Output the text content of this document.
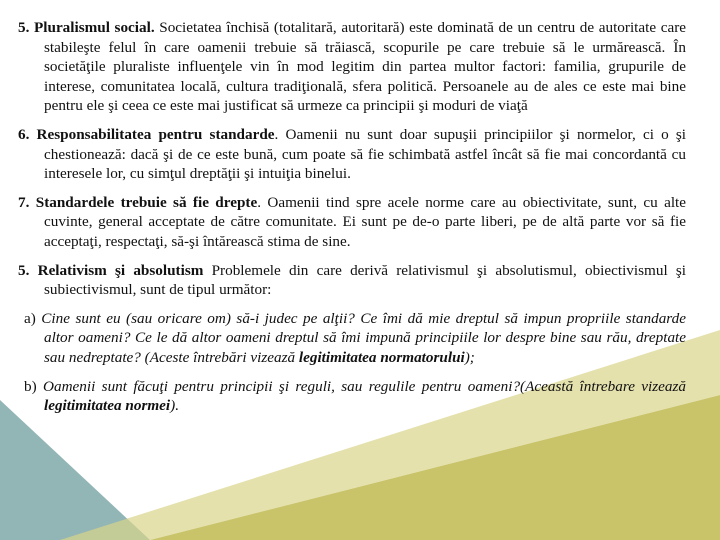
5. Pluralismul social. Societatea închisă (totalitară, autoritară) este dominată de un centru de autoritate care stabileşte felul în care oamenii trebuie să trăiască, scopurile pe care trebuie să le urmărească. În societăţile pluraliste influenţele vin în mod legitim din partea multor factori: familia, grupurile de interese, comunitatea locală, cultura tradiţională, sfera politică. Persoanele au de ales ce este mai bine pentru ele şi ceea ce este mai justificat să urmeze ca principii şi moduri de viaţă

6. Responsabilitatea pentru standarde. Oamenii nu sunt doar supuşii principiilor şi normelor, ci o şi chestionează: dacă şi de ce este bună, cum poate să fie schimbată astfel încât să fie mai concordantă cu interesele lor, cu simţul dreptăţii şi intuiţia binelui.

7. Standardele trebuie să fie drepte. Oamenii tind spre acele norme care au obiectivitate, sunt, cu alte cuvinte, general acceptate de către comunitate. Ei sunt pe de-o parte liberi, pe de altă parte vor să fie acceptaţi, respectaţi, să-şi întărească stima de sine.

5. Relativism şi absolutism Problemele din care derivă relativismul şi absolutismul, obiectivismul şi subiectivismul, sunt de tipul următor:

a) Cine sunt eu (sau oricare om) să-i judec pe alţii? Ce îmi dă mie dreptul să impun propriile standarde altor oameni? Ce le dă altor oameni dreptul să îmi impună principiile lor despre bine sau rău, dreptate sau nedreptate? (Aceste întrebări vizează legitimitatea normatorului);

b) Oamenii sunt făcuţi pentru principii şi reguli, sau regulile pentru oameni?(Această întrebare vizează legitimitatea normei).
